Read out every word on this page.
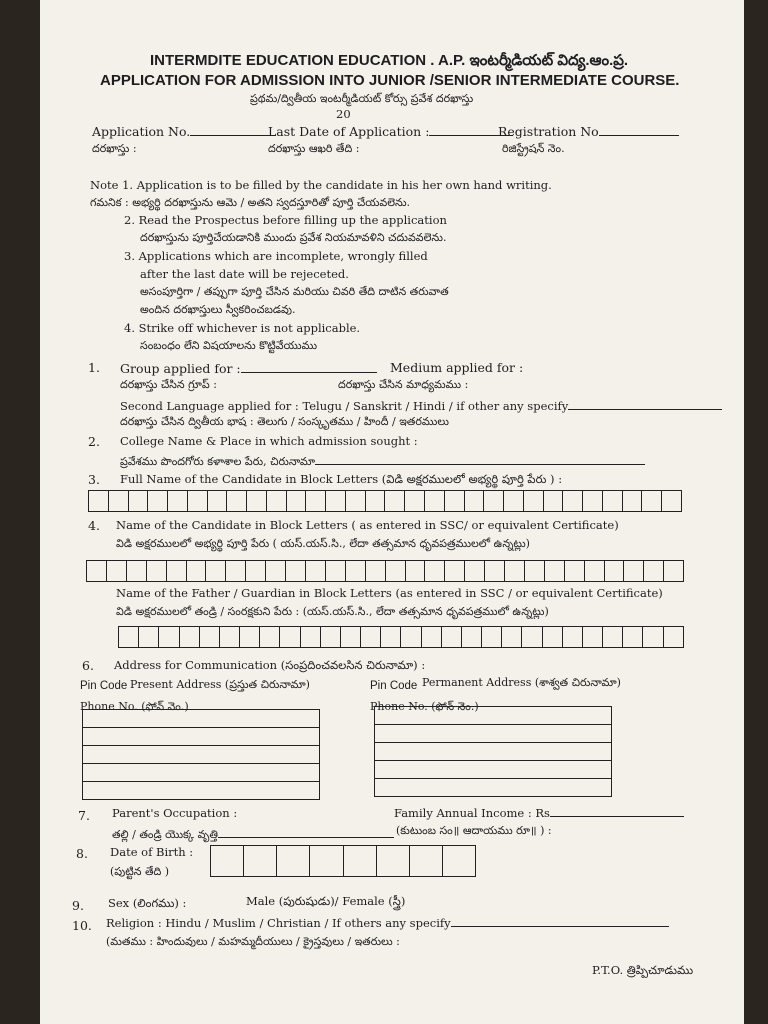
INTERMDITE EDUCATION EDUCATION . A.P. ఇంటర్మీడియట్ విద్య.ఆం.ప్ర.
APPLICATION FOR ADMISSION INTO JUNIOR /SENIOR INTERMEDIATE COURSE.
ప్రథమ/ద్వితీయ ఇంటర్మీడియట్ కోర్సు ప్రవేశ దరఖాస్తు
20
Application No.
దరఖాస్తు :
Last Date of Application :
దరఖాస్తు ఆఖరి తేది :
Registration No
రిజిస్ట్రేషన్ నెం.
Note 1. Application is to be filled by the candidate in his her own hand writing.
గమనిక : అభ్యర్థి దరఖాస్తును ఆమె / అతని స్వదస్తూరితో పూర్తి చేయవలెను.
2. Read the Prospectus before filling up the application
దరఖాస్తును పూర్తిచేయడానికి ముందు ప్రవేశ నియమావళిని చదువవలెను.
3. Applications which are incomplete, wrongly filled
after the last date will be rejeceted.
అసంపూర్తిగా / తప్పుగా పూర్తి చేసిన మరియు చివరి తేది దాటిన తరువాత
అందిన దరఖాస్తులు స్వీకరించబడవు.
4. Strike off whichever is not applicable.
సంబంధం లేని విషయాలను కొట్టివేయుము
1. Group applied for :
దరఖాస్తు చేసిన గ్రూప్ :
Medium applied for :
దరఖాస్తు చేసిన మాధ్యమము :
Second Language applied for : Telugu / Sanskrit / Hindi / if other any specify
దరఖాస్తు చేసిన ద్వితీయ భాష : తెలుగు / సంస్కృతము / హిందీ / ఇతరములు
2. College Name & Place in which admission sought :
ప్రవేశము పొందగోరు కళాశాల పేరు, చిరునామా
3. Full Name of the Candidate in Block Letters (విడి అక్షరములలో అభ్యర్థి పూర్తి పేరు ) :
4. Name of the Candidate in Block Letters ( as entered in SSC/ or equivalent Certificate)
విడి అక్షరములలో అభ్యర్థి పూర్తి పేరు ( యస్.యస్.సి., లేదా తత్సమాన ధృవపత్రములలో ఉన్నట్లు)
Name of the Father / Guardian in Block Letters (as entered in SSC / or equivalent Certificate)
విడి అక్షరములలో తండ్రి / సంరక్షకుని పేరు : (యస్.యస్.సి., లేదా తత్సమాన ధృవపత్రములో ఉన్నట్లు)
6. Address for Communication (సంప్రదించవలసిన చిరునామా) :
Pin Code Present Address (ప్రస్తుత చిరునామా)
Phone No. (ఫోన్ నెం.)
Pin Code Permanent Address (శాశ్వత చిరునామా)
Phone No. (ఫోన్ నెం.)
7. Parent's Occupation :
తల్లి / తండ్రి యొక్క వృత్తి
Family Annual Income : Rs
(కుటుంబ సం॥ ఆదాయము రూ॥ ) :
8. Date of Birth :
(పుట్టిన తేది )
9. Sex (లింగము) :	Male (పురుషుడు)/ Female (స్త్రీ)
10. Religion : Hindu / Muslim / Christian / If others any specify
(మతము : హిందువులు / మహమ్మదీయులు / క్రైస్తవులు / ఇతరులు :
P.T.O. త్రిప్పిచూడుము
